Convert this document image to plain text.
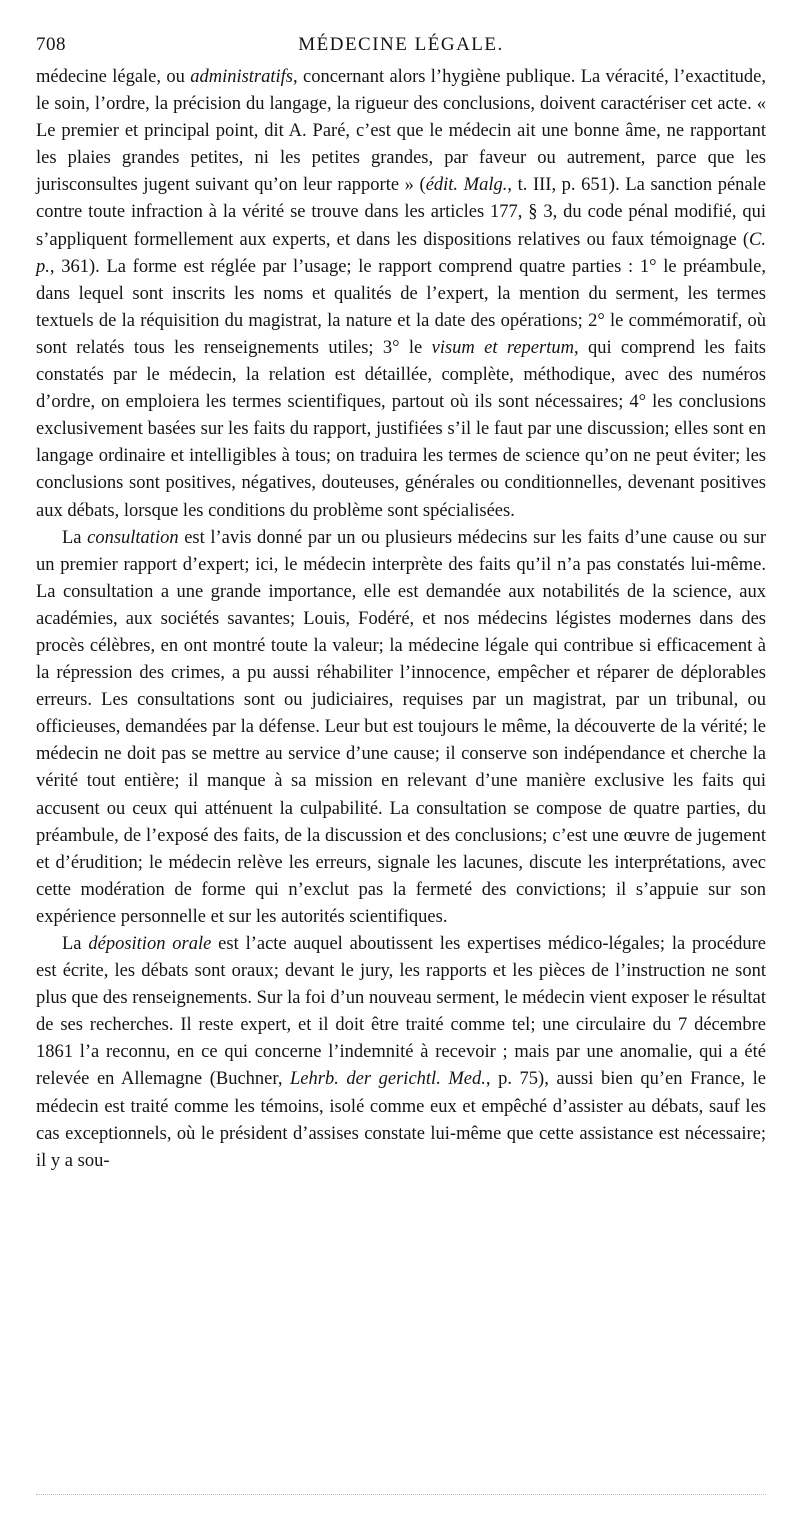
708	MÉDECINE LÉGALE.

médecine légale, ou administratifs, concernant alors l’hygiène publique. La véracité, l’exactitude, le soin, l’ordre, la précision du langage, la rigueur des conclusions, doivent caractériser cet acte. « Le premier et principal point, dit A. Paré, c’est que le médecin ait une bonne âme, ne rapportant les plaies grandes petites, ni les petites grandes, par faveur ou autrement, parce que les jurisconsultes jugent suivant qu’on leur rapporte » (édit. Malg., t. III, p. 651). La sanction pénale contre toute infraction à la vérité se trouve dans les articles 177, § 3, du code pénal modifié, qui s’appliquent formellement aux experts, et dans les dispositions relatives ou faux témoignage (C. p., 361). La forme est réglée par l’usage; le rapport comprend quatre parties : 1° le préambule, dans lequel sont inscrits les noms et qualités de l’expert, la mention du serment, les termes textuels de la réquisition du magistrat, la nature et la date des opérations; 2° le commémoratif, où sont relatés tous les renseignements utiles; 3° le visum et repertum, qui comprend les faits constatés par le médecin, la relation est détaillée, complète, méthodique, avec des numéros d’ordre, on emploiera les termes scientifiques, partout où ils sont nécessaires; 4° les conclusions exclusivement basées sur les faits du rapport, justifiées s’il le faut par une discussion; elles sont en langage ordinaire et intelligibles à tous; on traduira les termes de science qu’on ne peut éviter; les conclusions sont positives, négatives, douteuses, générales ou conditionnelles, devenant positives aux débats, lorsque les conditions du problème sont spécialisées.

La consultation est l’avis donné par un ou plusieurs médecins sur les faits d’une cause ou sur un premier rapport d’expert; ici, le médecin interprète des faits qu’il n’a pas constatés lui-même. La consultation a une grande importance, elle est demandée aux notabilités de la science, aux académies, aux sociétés savantes; Louis, Fodéré, et nos médecins légistes modernes dans des procès célèbres, en ont montré toute la valeur; la médecine légale qui contribue si efficacement à la répression des crimes, a pu aussi réhabiliter l’innocence, empêcher et réparer de déplorables erreurs. Les consultations sont ou judiciaires, requises par un magistrat, par un tribunal, ou officieuses, demandées par la défense. Leur but est toujours le même, la découverte de la vérité; le médecin ne doit pas se mettre au service d’une cause; il conserve son indépendance et cherche la vérité tout entière; il manque à sa mission en relevant d’une manière exclusive les faits qui accusent ou ceux qui atténuent la culpabilité. La consultation se compose de quatre parties, du préambule, de l’exposé des faits, de la discussion et des conclusions; c’est une œuvre de jugement et d’érudition; le médecin relève les erreurs, signale les lacunes, discute les interprétations, avec cette modération de forme qui n’exclut pas la fermeté des convictions; il s’appuie sur son expérience personnelle et sur les autorités scientifiques.

La déposition orale est l’acte auquel aboutissent les expertises médico-légales; la procédure est écrite, les débats sont oraux; devant le jury, les rapports et les pièces de l’instruction ne sont plus que des renseignements. Sur la foi d’un nouveau serment, le médecin vient exposer le résultat de ses recherches. Il reste expert, et il doit être traité comme tel; une circulaire du 7 décembre 1861 l’a reconnu, en ce qui concerne l’indemnité à recevoir ; mais par une anomalie, qui a été relevée en Allemagne (Buchner, Lehrb. der gerichtl. Med., p. 75), aussi bien qu’en France, le médecin est traité comme les témoins, isolé comme eux et empêché d’assister au débats, sauf les cas exceptionnels, où le président d’assises constate lui-même que cette assistance est nécessaire; il y a sou-
